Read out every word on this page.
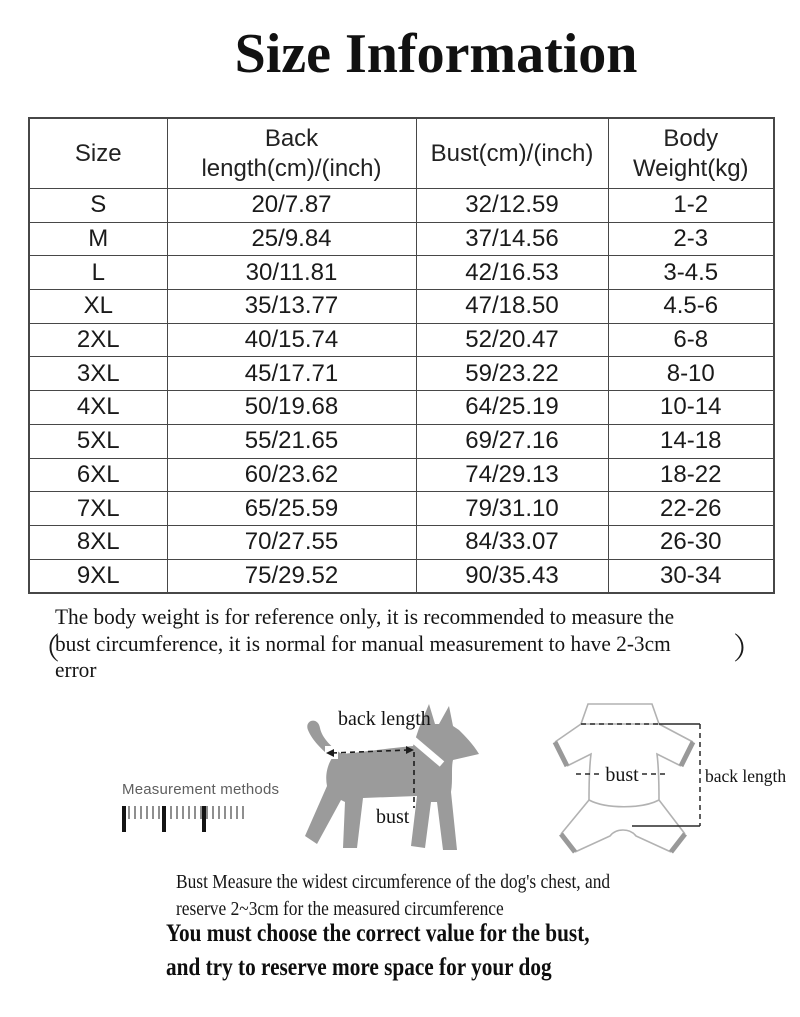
Size Information
Size

Back
length(cm)/(inch)

Bust(cm)/(inch)

Body
Weight(kg)

S	20/7.87	32/12.59	1-2
M	25/9.84	37/14.56	2-3
L	30/11.81	42/16.53	3-4.5
XL	35/13.77	47/18.50	4.5-6
2XL	40/15.74	52/20.47	6-8
3XL	45/17.71	59/23.22	8-10
4XL	50/19.68	64/25.19	10-14
5XL	55/21.65	69/27.16	14-18
6XL	60/23.62	74/29.13	18-22
7XL	65/25.59	79/31.10	22-26
8XL	70/27.55	84/33.07	26-30
9XL	75/29.52	90/35.43	30-34
（
The body weight is for reference only, it is recommended to measure the
bust circumference, it is normal for manual measurement to have 2-3cm
error
）
Measurement methods
back length
bust
bust	back length
Bust Measure the widest circumference of the dog's chest, and
reserve 2~3cm for the measured circumference
You must choose the correct value for the bust,
and try to reserve more space for your dog
